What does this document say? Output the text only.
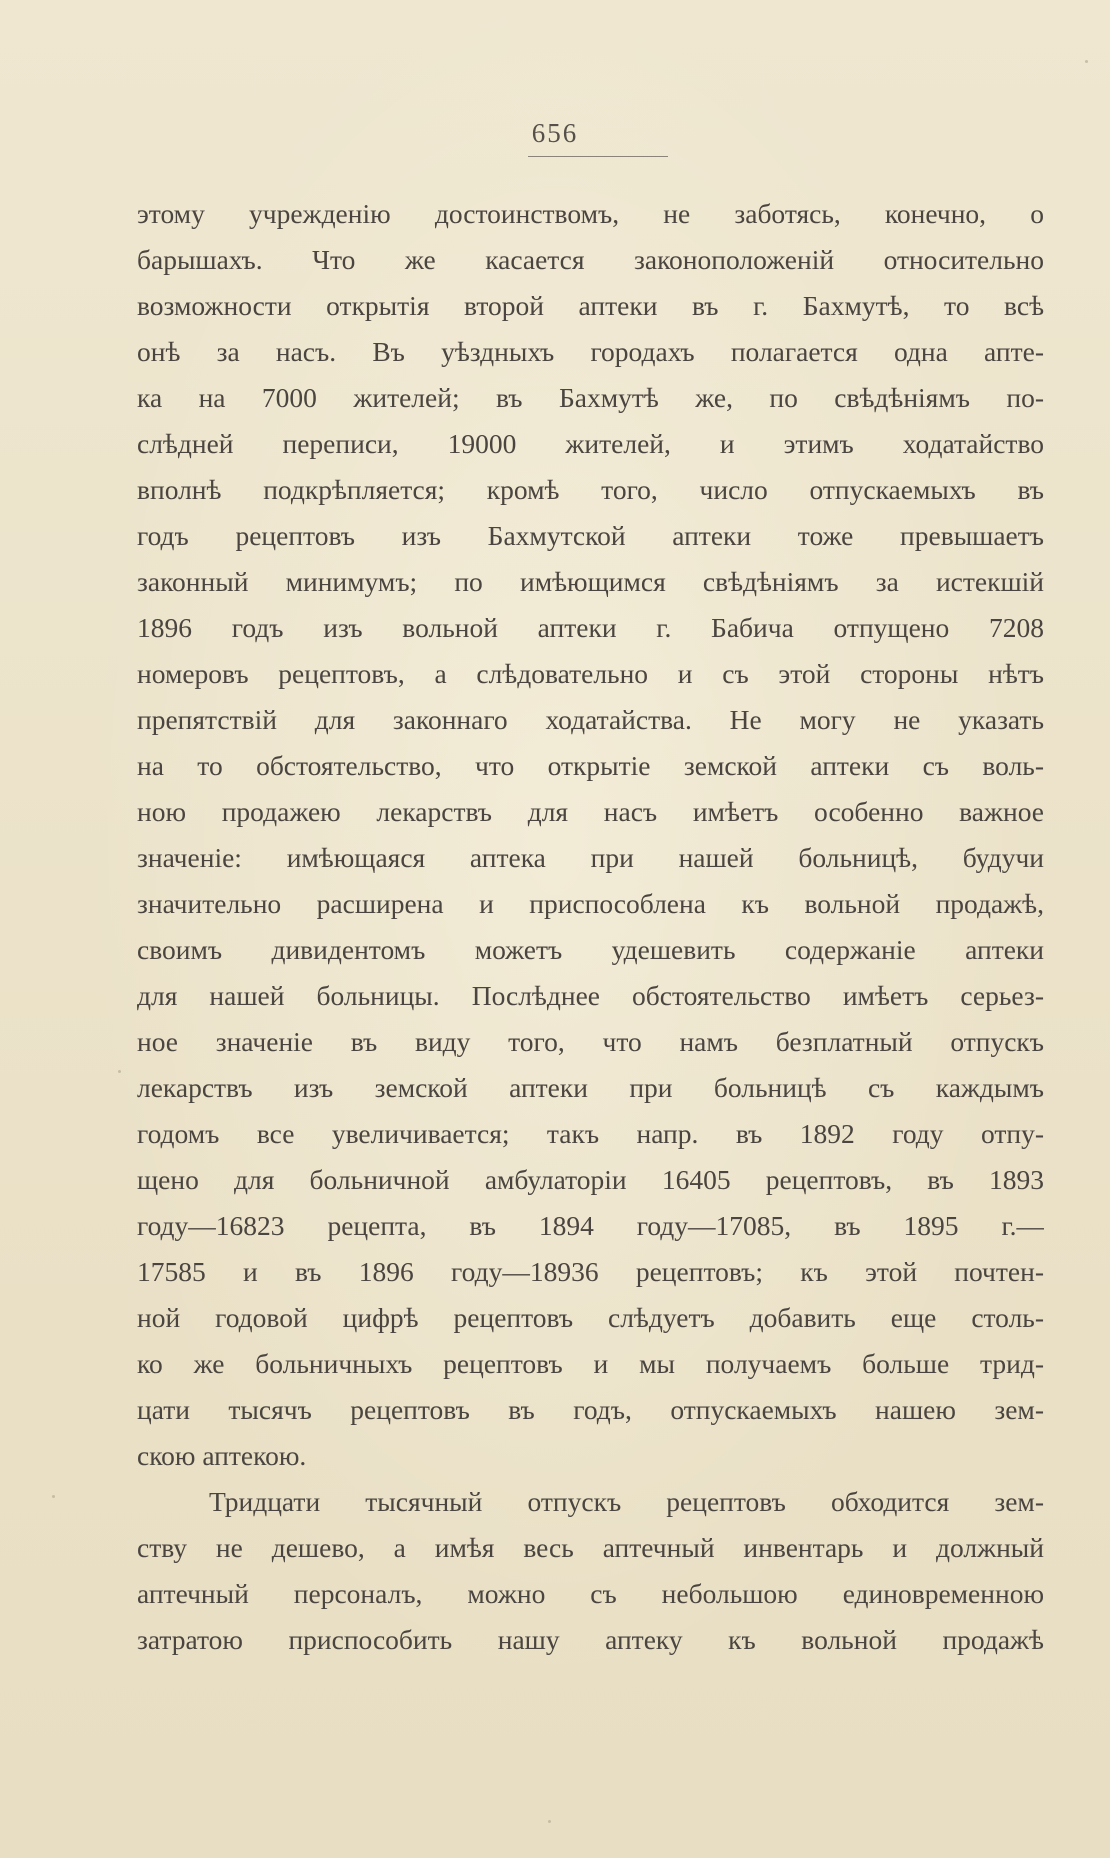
656
этому учрежденію достоинствомъ, не заботясь, конечно, о
барышахъ. Что же касается законоположеній относительно
возможности открытія второй аптеки въ г. Бахмутѣ, то всѣ
онѣ за насъ. Въ уѣздныхъ городахъ полагается одна апте-
ка на 7000 жителей; въ Бахмутѣ же, по свѣдѣніямъ по-
слѣдней переписи, 19000 жителей, и этимъ ходатайство
вполнѣ подкрѣпляется; кромѣ того, число отпускаемыхъ въ
годъ рецептовъ изъ Бахмутской аптеки тоже превышаетъ
законный минимумъ; по имѣющимся свѣдѣніямъ за истекшій
1896 годъ изъ вольной аптеки г. Бабича отпущено 7208
номеровъ рецептовъ, а слѣдовательно и съ этой стороны нѣтъ
препятствій для законнаго ходатайства. Не могу не указать
на то обстоятельство, что открытіе земской аптеки съ воль-
ною продажею лекарствъ для насъ имѣетъ особенно важное
значеніе: имѣющаяся аптека при нашей больницѣ, будучи
значительно расширена и приспособлена къ вольной продажѣ,
своимъ дивидентомъ можетъ удешевить содержаніе аптеки
для нашей больницы. Послѣднее обстоятельство имѣетъ серьез-
ное значеніе въ виду того, что намъ безплатный отпускъ
лекарствъ изъ земской аптеки при больницѣ съ каждымъ
годомъ все увеличивается; такъ напр. въ 1892 году отпу-
щено для больничной амбулаторіи 16405 рецептовъ, въ 1893
году—16823 рецепта, въ 1894 году—17085, въ 1895 г.—
17585 и въ 1896 году—18936 рецептовъ; къ этой почтен-
ной годовой цифрѣ рецептовъ слѣдуетъ добавить еще столь-
ко же больничныхъ рецептовъ и мы получаемъ больше трид-
цати тысячъ рецептовъ въ годъ, отпускаемыхъ нашею зем-
скою аптекою.
Тридцати тысячный отпускъ рецептовъ обходится зем-
ству не дешево, а имѣя весь аптечный инвентарь и должный
аптечный персоналъ, можно съ небольшою единовременною
затратою приспособить нашу аптеку къ вольной продажѣ
